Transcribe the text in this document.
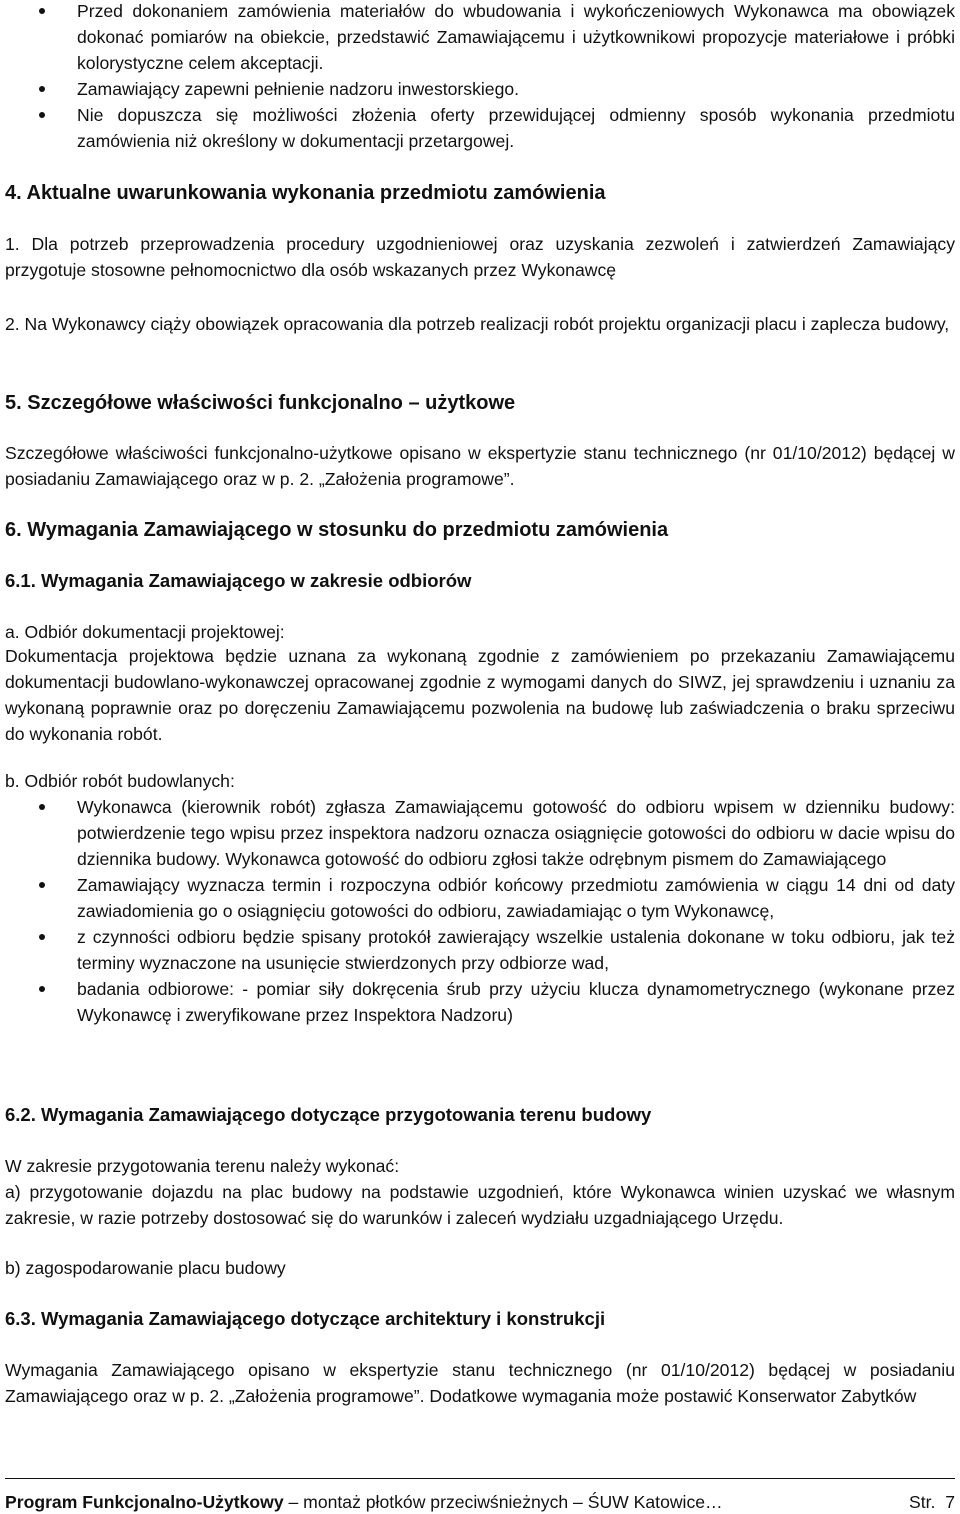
Przed dokonaniem zamówienia materiałów do wbudowania i wykończeniowych Wykonawca ma obowiązek dokonać pomiarów na obiekcie, przedstawić Zamawiającemu i użytkownikowi propozycje materiałowe i próbki kolorystyczne celem akceptacji.
Zamawiający zapewni pełnienie nadzoru inwestorskiego.
Nie dopuszcza się możliwości złożenia oferty przewidującej odmienny sposób wykonania przedmiotu zamówienia niż określony w dokumentacji przetargowej.

4. Aktualne uwarunkowania wykonania przedmiotu zamówienia

1. Dla potrzeb przeprowadzenia procedury uzgodnieniowej oraz uzyskania zezwoleń i zatwierdzeń Zamawiający przygotuje stosowne pełnomocnictwo dla osób wskazanych przez Wykonawcę

2. Na Wykonawcy ciąży obowiązek opracowania dla potrzeb realizacji robót projektu organizacji placu i zaplecza budowy,

5. Szczegółowe właściwości funkcjonalno – użytkowe

Szczegółowe właściwości funkcjonalno-użytkowe opisano w ekspertyzie stanu technicznego (nr 01/10/2012) będącej w posiadaniu Zamawiającego oraz w p. 2. „Założenia programowe”.

6. Wymagania Zamawiającego w stosunku do przedmiotu zamówienia

6.1. Wymagania Zamawiającego w zakresie odbiorów

a. Odbiór dokumentacji projektowej:

Dokumentacja projektowa będzie uznana za wykonaną zgodnie z zamówieniem po przekazaniu Zamawiającemu dokumentacji budowlano-wykonawczej opracowanej zgodnie z wymogami danych do SIWZ, jej sprawdzeniu i uznaniu za wykonaną poprawnie oraz po doręczeniu Zamawiającemu pozwolenia na budowę lub zaświadczenia o braku sprzeciwu do wykonania robót.

b. Odbiór robót budowlanych:

Wykonawca (kierownik robót) zgłasza Zamawiającemu gotowość do odbioru wpisem w dzienniku budowy: potwierdzenie tego wpisu przez inspektora nadzoru oznacza osiągnięcie gotowości do odbioru w dacie wpisu do dziennika budowy. Wykonawca gotowość do odbioru zgłosi także odrębnym pismem do Zamawiającego
Zamawiający wyznacza termin i rozpoczyna odbiór końcowy przedmiotu zamówienia w ciągu 14 dni od daty zawiadomienia go o osiągnięciu gotowości do odbioru, zawiadamiając o tym Wykonawcę,
z czynności odbioru będzie spisany protokół zawierający wszelkie ustalenia dokonane w toku odbioru, jak też terminy wyznaczone na usunięcie stwierdzonych przy odbiorze wad,
badania odbiorowe: - pomiar siły dokręcenia śrub przy użyciu klucza dynamometrycznego (wykonane przez Wykonawcę i zweryfikowane przez Inspektora Nadzoru)

6.2. Wymagania Zamawiającego dotyczące przygotowania terenu budowy

W zakresie przygotowania terenu należy wykonać:

a) przygotowanie dojazdu na plac budowy na podstawie uzgodnień, które Wykonawca winien uzyskać we własnym zakresie, w razie potrzeby dostosować się do warunków i zaleceń wydziału uzgadniającego Urzędu.

b) zagospodarowanie placu budowy

6.3. Wymagania Zamawiającego dotyczące architektury i konstrukcji

Wymagania Zamawiającego opisano w ekspertyzie stanu technicznego (nr 01/10/2012) będącej w posiadaniu Zamawiającego oraz w p. 2. „Założenia programowe”. Dodatkowe wymagania może postawić Konserwator Zabytków

Program Funkcjonalno-Użytkowy – montaż płotków przeciwśnieżnych – ŚUW Katowice…	Str.  7
